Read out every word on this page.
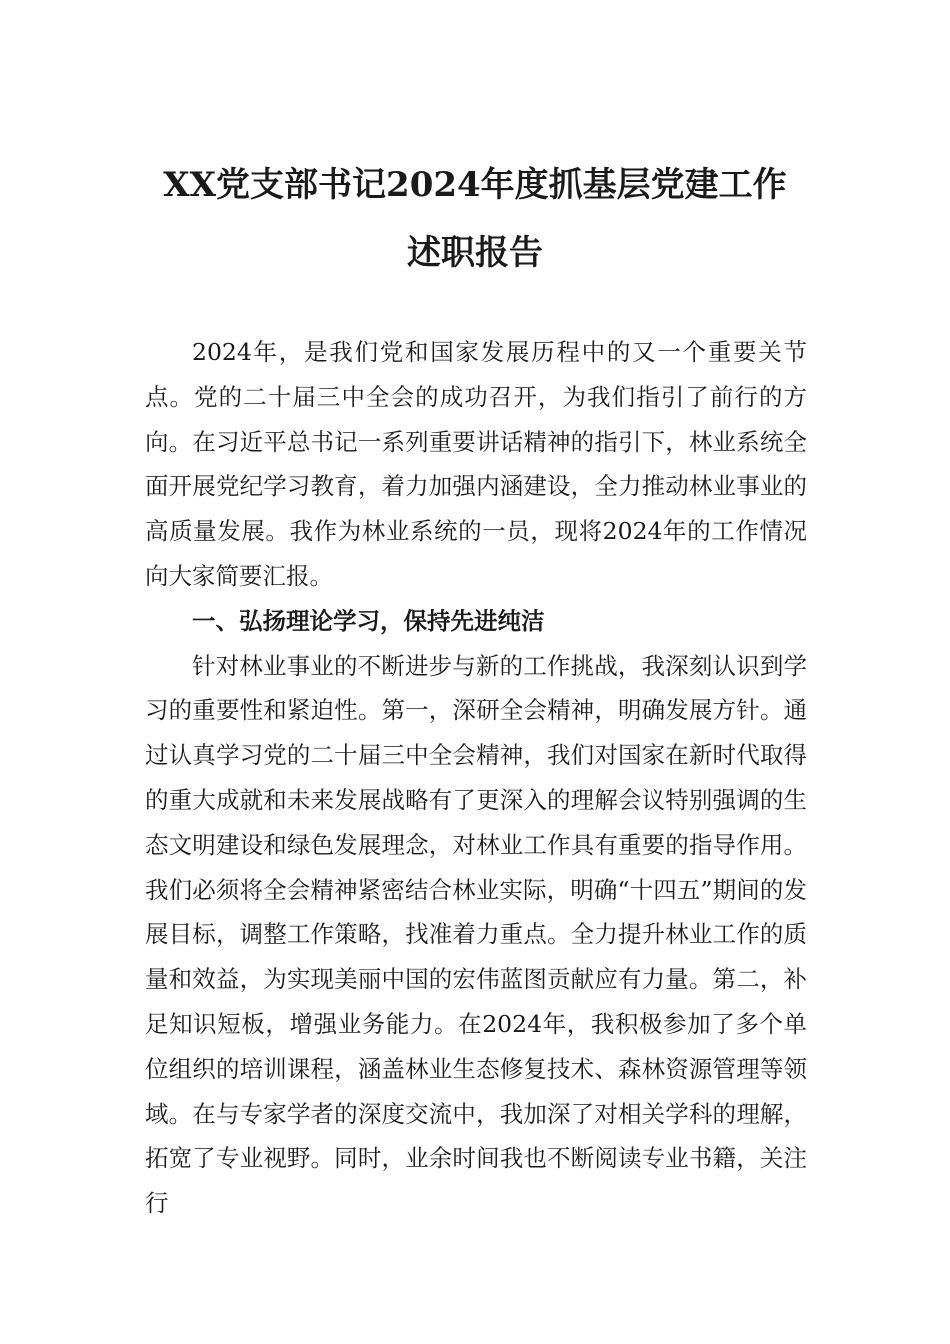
XX党支部书记2024年度抓基层党建工作
述职报告

2024年，是我们党和国家发展历程中的又一个重要关节点。党的二十届三中全会的成功召开，为我们指引了前行的方向。在习近平总书记一系列重要讲话精神的指引下，林业系统全面开展党纪学习教育，着力加强内涵建设，全力推动林业事业的高质量发展。我作为林业系统的一员，现将2024年的工作情况向大家简要汇报。

一、弘扬理论学习，保持先进纯洁

针对林业事业的不断进步与新的工作挑战，我深刻认识到学习的重要性和紧迫性。第一，深研全会精神，明确发展方针。通过认真学习党的二十届三中全会精神，我们对国家在新时代取得的重大成就和未来发展战略有了更深入的理解会议特别强调的生态文明建设和绿色发展理念，对林业工作具有重要的指导作用。我们必须将全会精神紧密结合林业实际，明确“十四五”期间的发展目标，调整工作策略，找准着力重点。全力提升林业工作的质量和效益，为实现美丽中国的宏伟蓝图贡献应有力量。第二，补足知识短板，增强业务能力。在2024年，我积极参加了多个单位组织的培训课程，涵盖林业生态修复技术、森林资源管理等领域。在与专家学者的深度交流中，我加深了对相关学科的理解，拓宽了专业视野。同时，业余时间我也不断阅读专业书籍，关注行
